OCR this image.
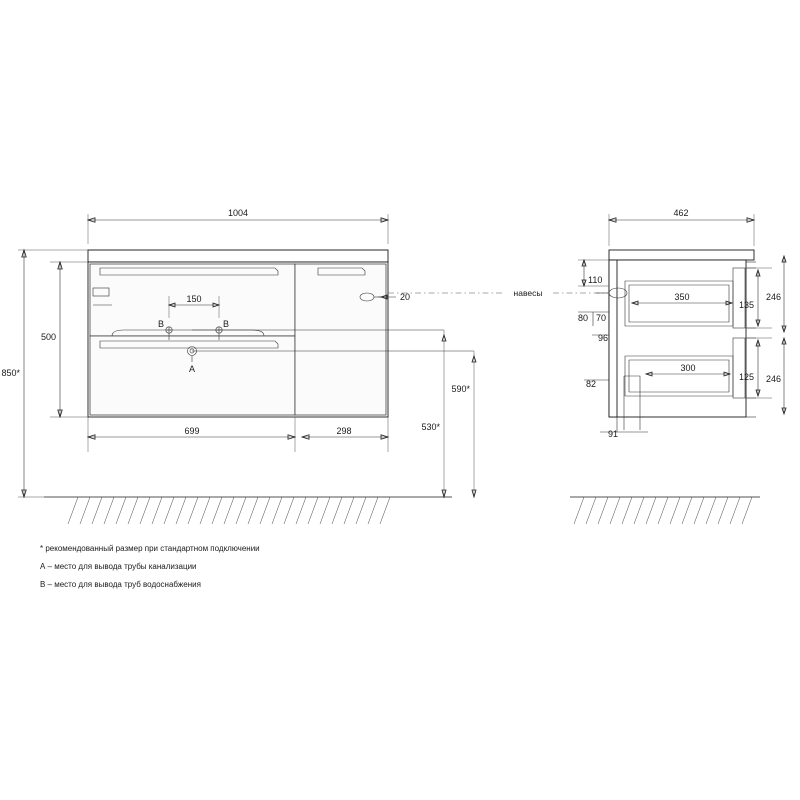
1004
699	298
500
850*
150
B	B
A
20
530*
590*
навесы
462
350
300
110
80 70
96
82
91
135
246
125 246
* рекомендованный размер при стандартном подключении
А – место для вывода трубы канализации
В – место для вывода труб водоснабжения
